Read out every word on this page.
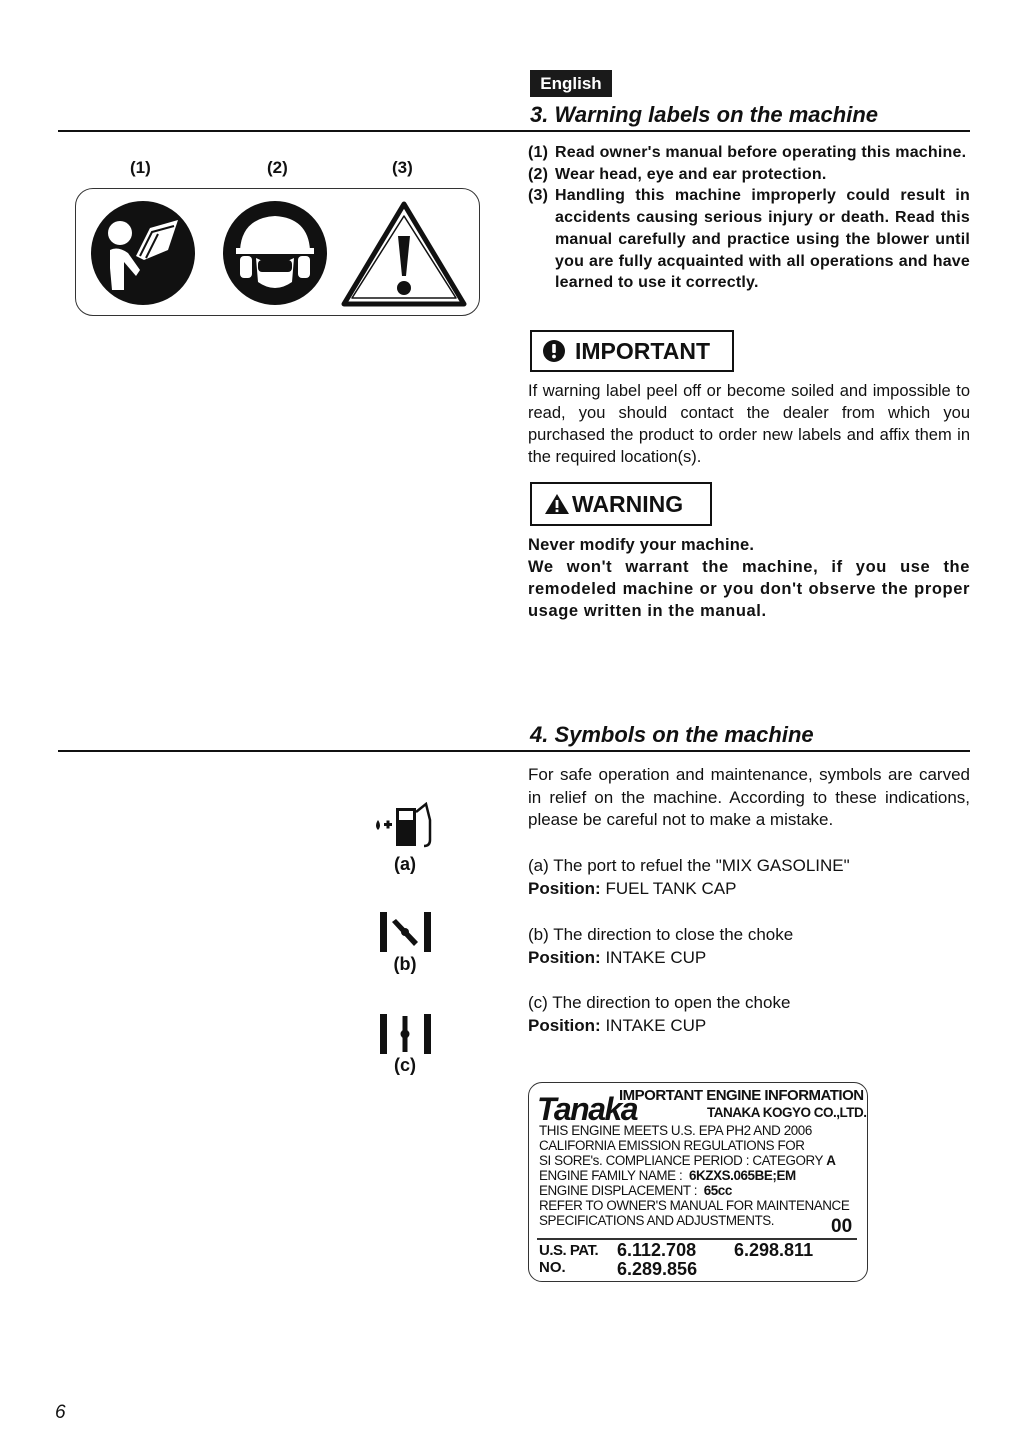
English
3. Warning labels on the machine
(1)	(2)	(3)
(1) Read owner's manual before operating this machine.
(2) Wear head, eye and ear protection.
(3) Handling this machine improperly could result in accidents causing serious injury or death. Read this manual carefully and practice using the blower until you are fully acquainted with all operations and have learned to use it correctly.
IMPORTANT
If warning label peel off or become soiled and impossible to read, you should contact the dealer from which you purchased the product to order new labels and affix them in the required location(s).
WARNING
Never modify your machine.
We won't warrant the machine, if you use the remodeled machine or you don't observe the proper usage written in the manual.
4. Symbols on the machine
For safe operation and maintenance, symbols are carved in relief on the machine. According to these indications, please be careful not to make a mistake.
(a)
(b)
(c)
(a) The port to refuel the "MIX GASOLINE"
Position: FUEL TANK CAP
(b) The direction to close the choke
Position: INTAKE CUP
(c) The direction to open the choke
Position: INTAKE CUP
Tanaka
IMPORTANT ENGINE INFORMATION
TANAKA KOGYO CO.,LTD.
THIS ENGINE MEETS U.S. EPA PH2 AND 2006
CALIFORNIA EMISSION REGULATIONS FOR
SI SORE's. COMPLIANCE PERIOD : CATEGORY A
ENGINE FAMILY NAME : 6KZXS.065BE;EM
ENGINE DISPLACEMENT : 65cc
REFER TO OWNER'S MANUAL FOR MAINTENANCE
SPECIFICATIONS AND ADJUSTMENTS.	00
U.S. PAT.
NO.
6.112.708 6.298.811
6.289.856
6
